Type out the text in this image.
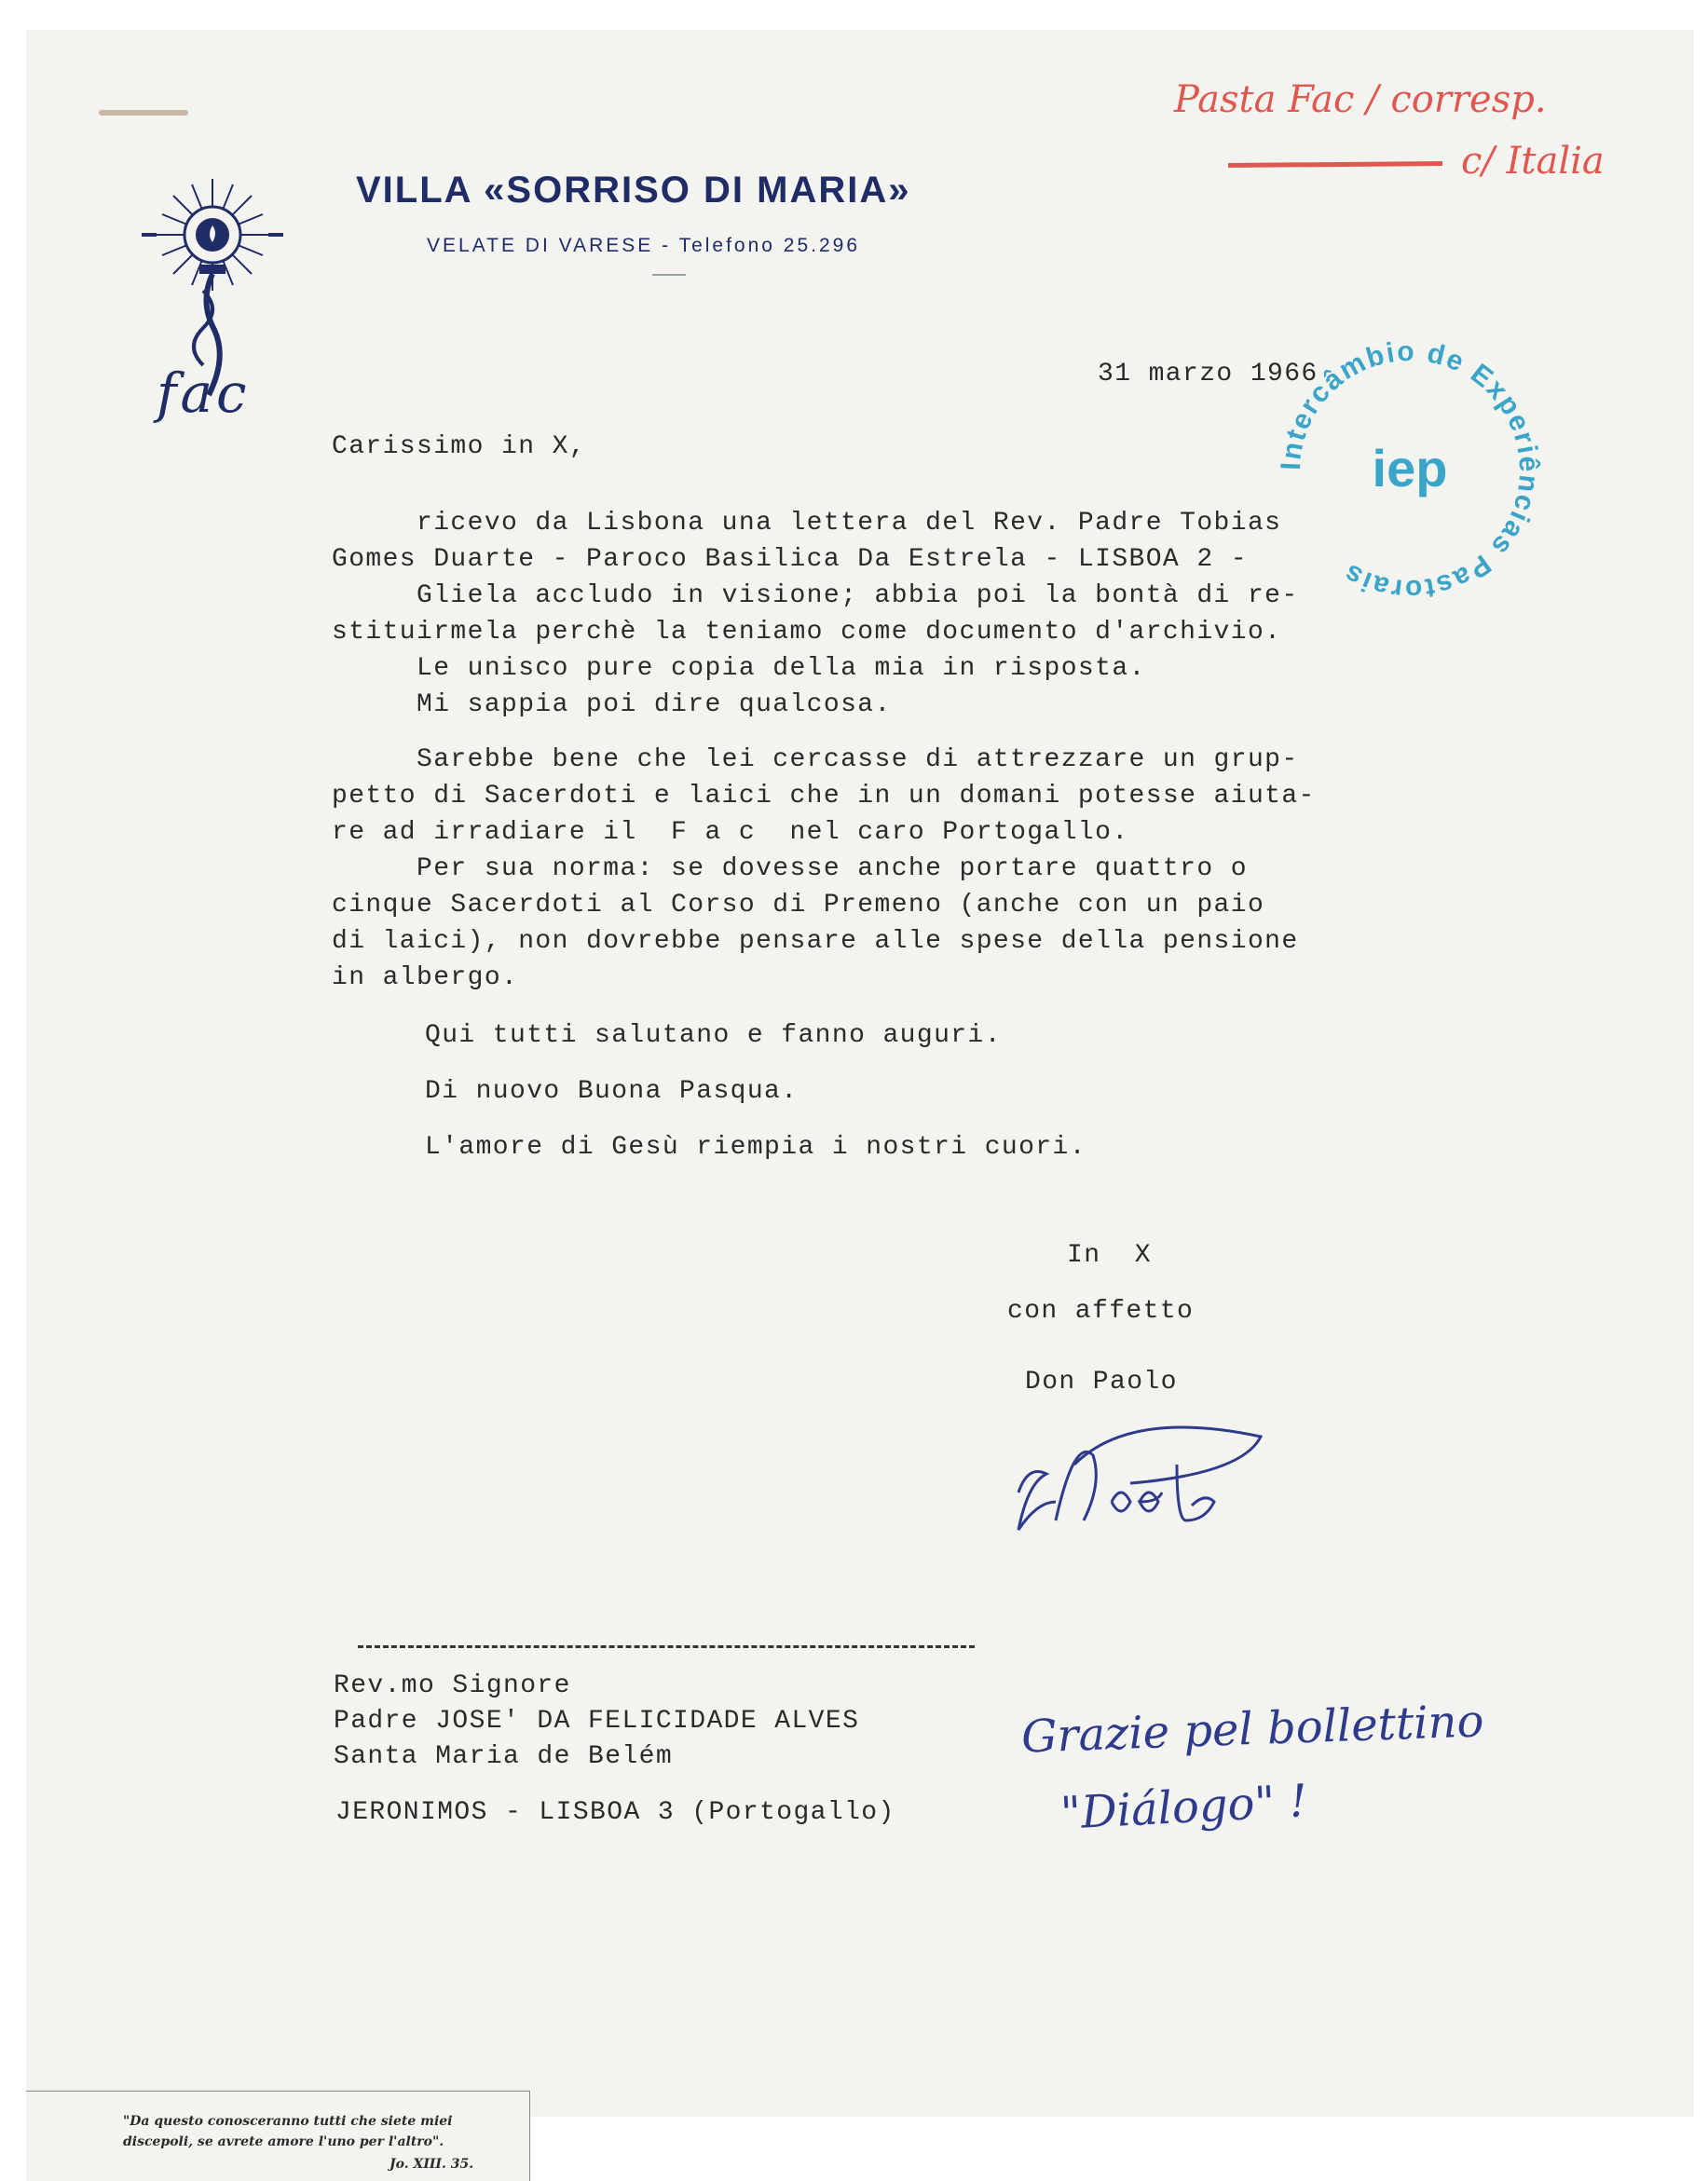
fac
VILLA «SORRISO DI MARIA»
VELATE DI VARESE - Telefono 25.296
Pasta Fac / corresp.
c/ Italia
Intercâmbio de Experiências Pastorais
iep
31 marzo 1966
Carissimo in X,
ricevo da Lisbona una lettera del Rev. Padre Tobias
Gomes Duarte - Paroco Basilica Da Estrela - LISBOA 2 -
Gliela accludo in visione; abbia poi la bontà di re-
stituirmela perchè la teniamo come documento d'archivio.
Le unisco pure copia della mia in risposta.
Mi sappia poi dire qualcosa.
Sarebbe bene che lei cercasse di attrezzare un grup-
petto di Sacerdoti e laici che in un domani potesse aiuta-
re ad irradiare il  F a c  nel caro Portogallo.
Per sua norma: se dovesse anche portare quattro o
cinque Sacerdoti al Corso di Premeno (anche con un paio
di laici), non dovrebbe pensare alle spese della pensione
in albergo.
Qui tutti salutano e fanno auguri.
Di nuovo Buona Pasqua.
L'amore di Gesù riempia i nostri cuori.
In  X
con affetto
Don Paolo
Paolo
Rev.mo Signore
Padre JOSE' DA FELICIDADE ALVES
Santa Maria de Belém
JERONIMOS - LISBOA 3 (Portogallo)
Grazie pel bollettino
"Diálogo" !
"Da questo conosceranno tutti che siete miei
discepoli, se avrete amore l'uno per l'altro".
Jo. XIII. 35.
